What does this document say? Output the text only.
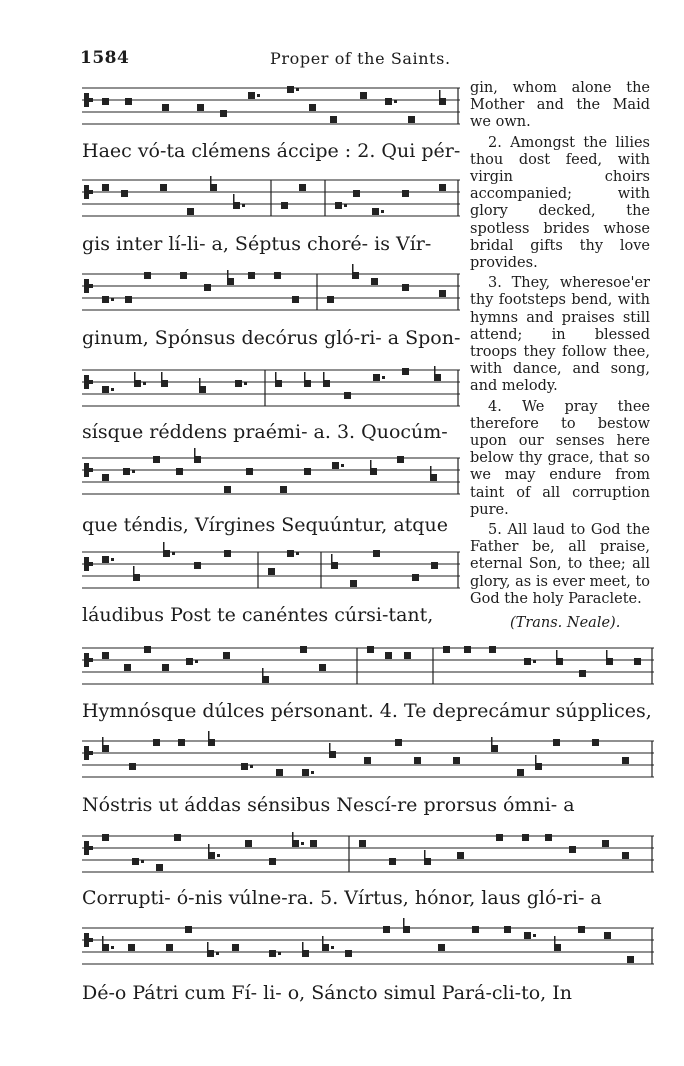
1584	Proper of the Saints.
Haec vó-ta clémens áccipe : 2. Qui pér-
gis inter lí-li- a, Séptus choré- is Vír-
ginum, Spónsus decórus gló-ri- a Spon-
sísque réddens praémi- a. 3. Quocúm-
que téndis, Vírgines Sequúntur, atque
láudibus Post te canéntes cúrsi-tant,
Hymnósque dúlces pérsonant. 4. Te deprecámur súpplices,
Nóstris ut áddas sénsibus Nescí-re prorsus ómni- a
Corrupti- ó-nis vúlne-ra. 5. Vírtus, hónor, laus gló-ri- a
Dé-o Pátri cum Fí- li- o, Sáncto simul Pará-cli-to, In

gin, whom alone the Mother and the Maid we own.

2. Amongst the lilies thou dost feed, with virgin choirs accompanied; with glory decked, the spotless brides whose bridal gifts thy love provides.

3. They, wheresoe'er thy footsteps bend, with hymns and praises still attend; in blessed troops they follow thee, with dance, and song, and melody.

4. We pray thee therefore to bestow upon our senses here below thy grace, that so we may endure from taint of all corruption pure.

5. All laud to God the Father be, all praise, eternal Son, to thee; all glory, as is ever meet, to God the holy Paraclete.

(Trans. Neale).
